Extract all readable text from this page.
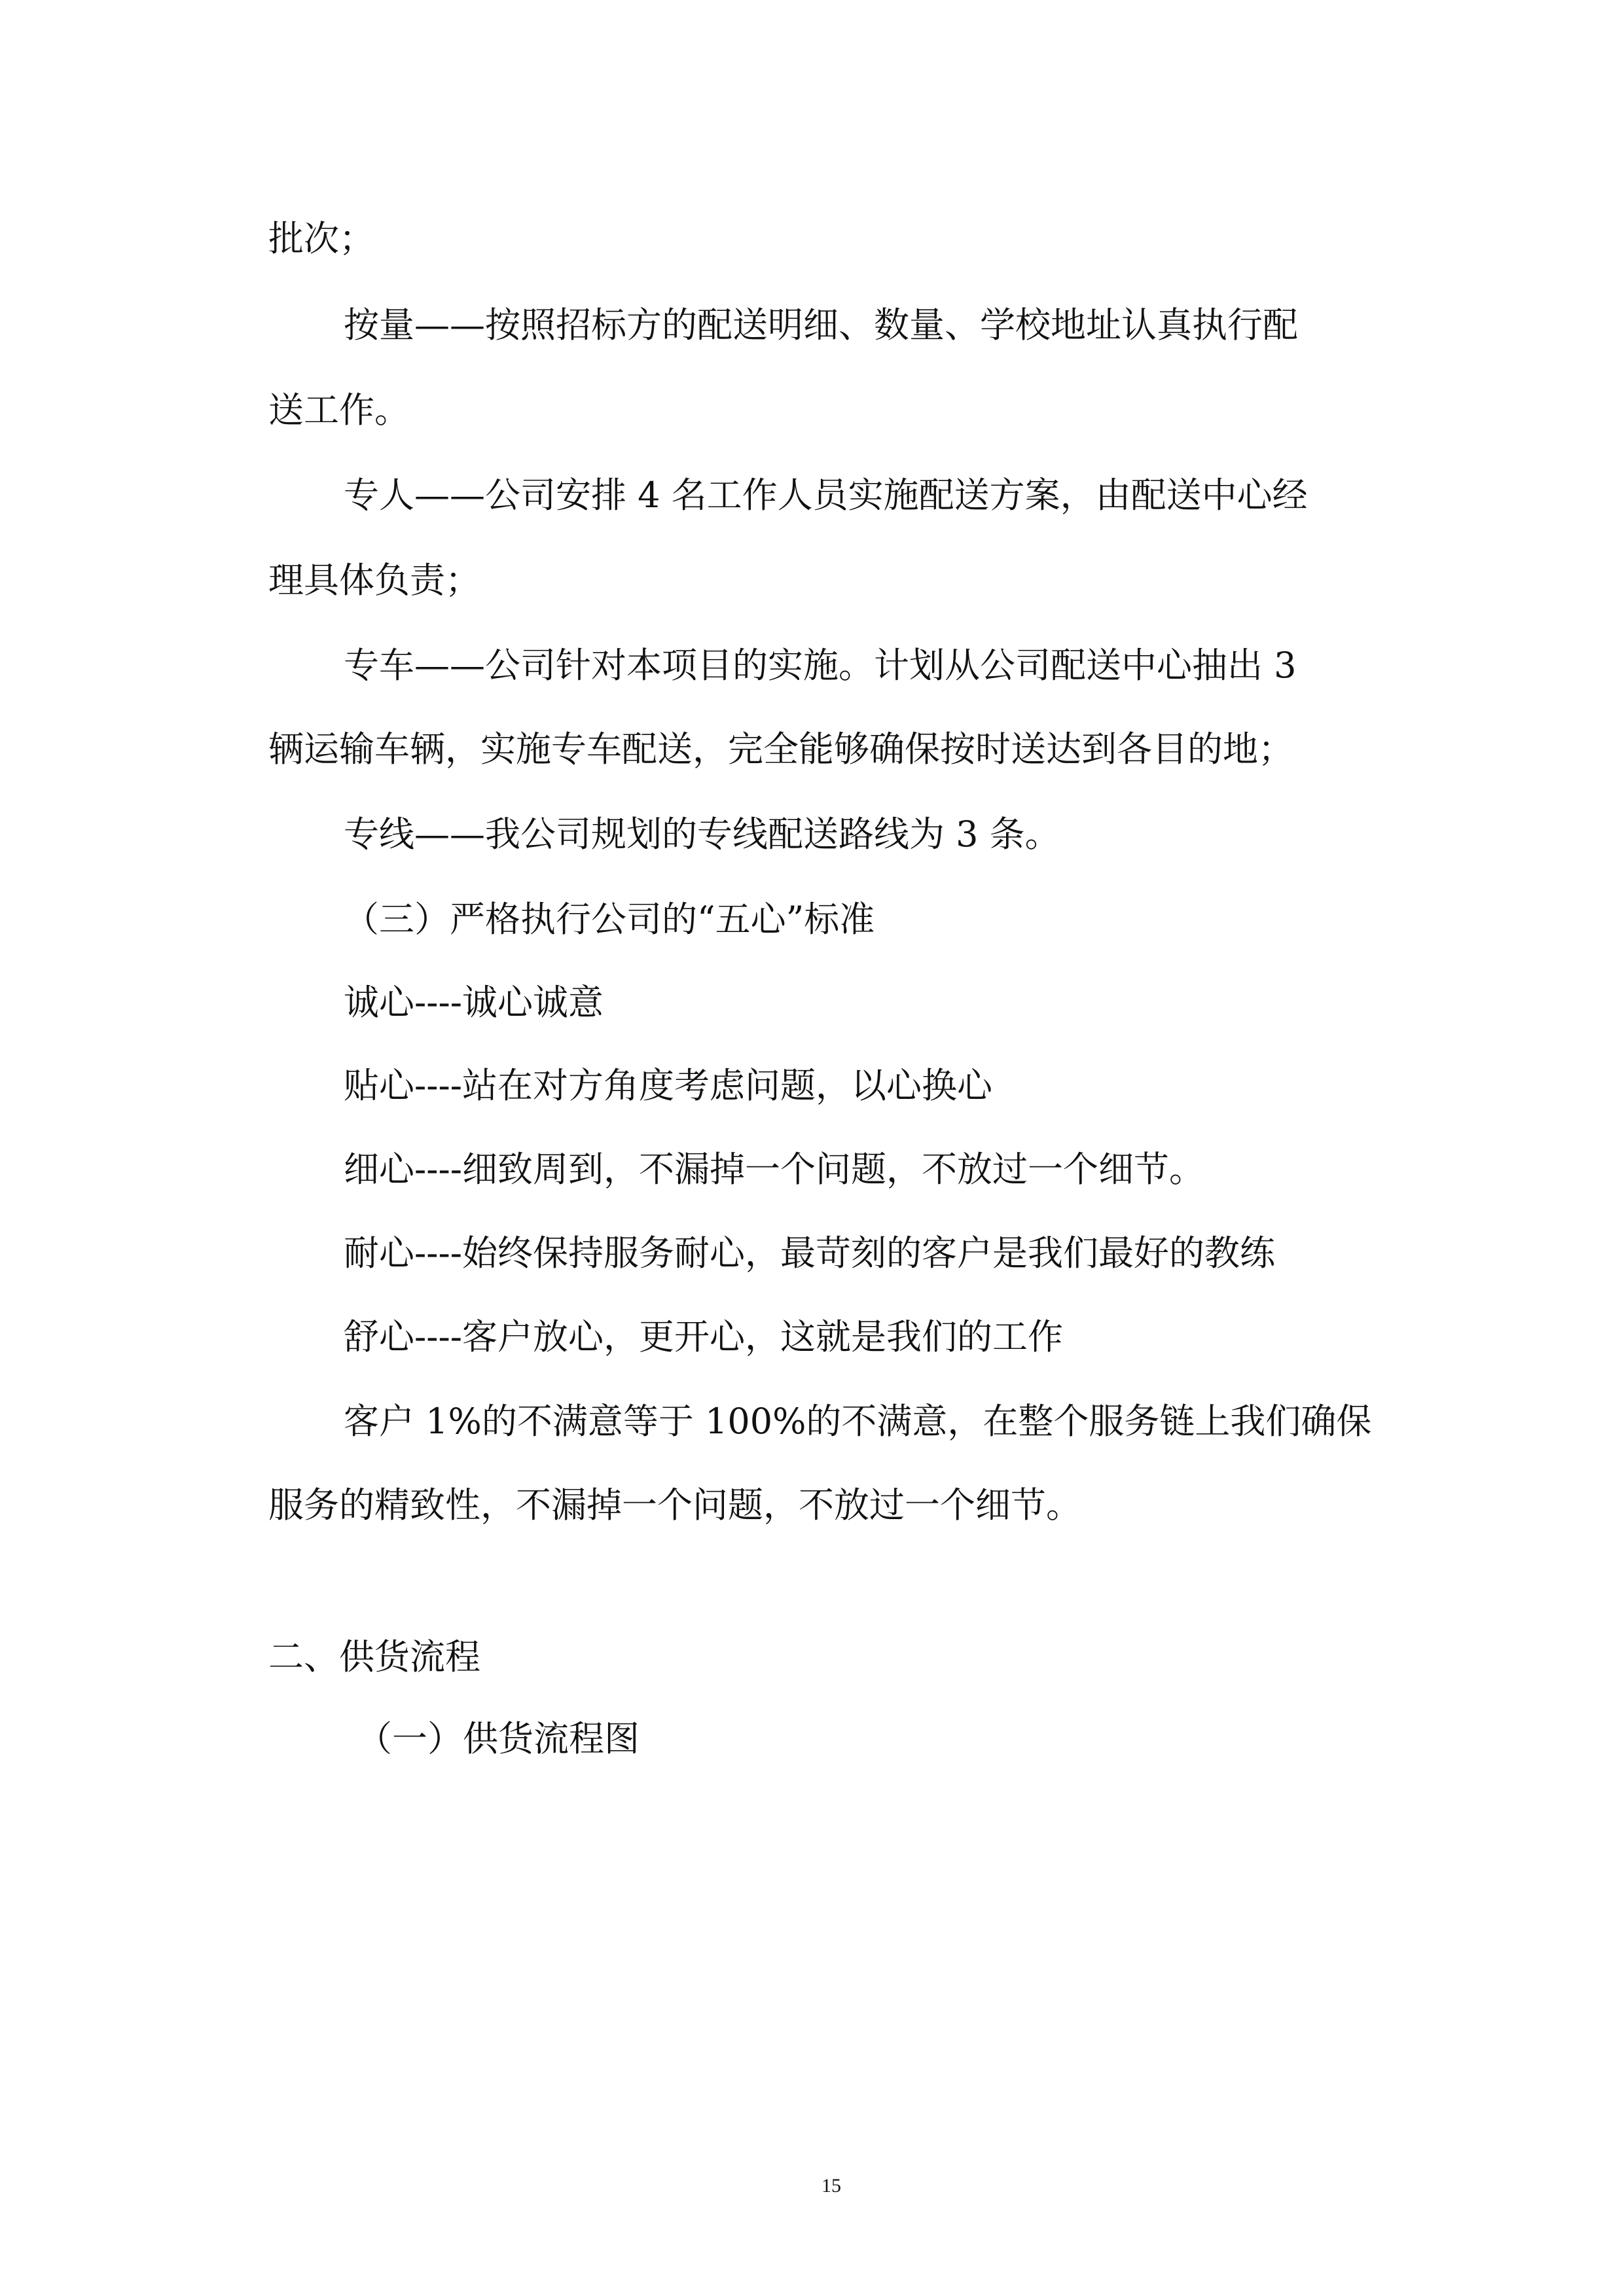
批次；
按量——按照招标方的配送明细、数量、学校地址认真执行配
送工作。
专人——公司安排 4 名工作人员实施配送方案，由配送中心经
理具体负责；
专车——公司针对本项目的实施。计划从公司配送中心抽出 3
辆运输车辆，实施专车配送，完全能够确保按时送达到各目的地；
专线——我公司规划的专线配送路线为 3 条。
（三）严格执行公司的“五心”标准
诚心----诚心诚意
贴心----站在对方角度考虑问题，以心换心
细心----细致周到，不漏掉一个问题，不放过一个细节。
耐心----始终保持服务耐心，最苛刻的客户是我们最好的教练
舒心----客户放心，更开心，这就是我们的工作
客户 1%的不满意等于 100%的不满意，在整个服务链上我们确保
服务的精致性，不漏掉一个问题，不放过一个细节。
二、供货流程
（一）供货流程图
15
